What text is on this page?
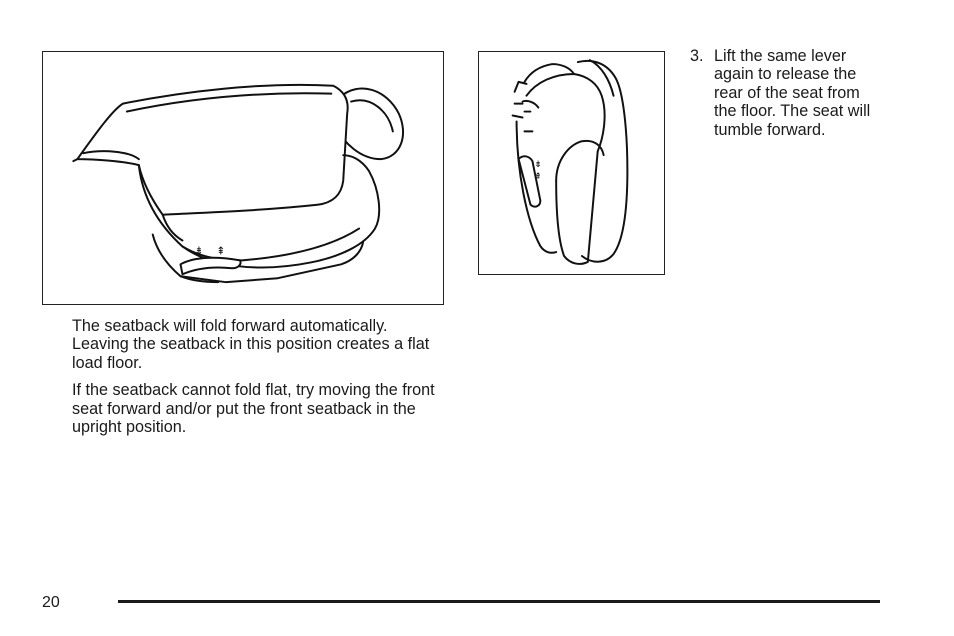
⇟ ⇞
⇟
⇞

The seatback will fold forward automatically. Leaving the seatback in this position creates a flat load floor.

If the seatback cannot fold flat, try moving the front seat forward and/or put the front seatback in the upright position.

3. Lift the same lever again to release the rear of the seat from the floor. The seat will tumble forward.
20
